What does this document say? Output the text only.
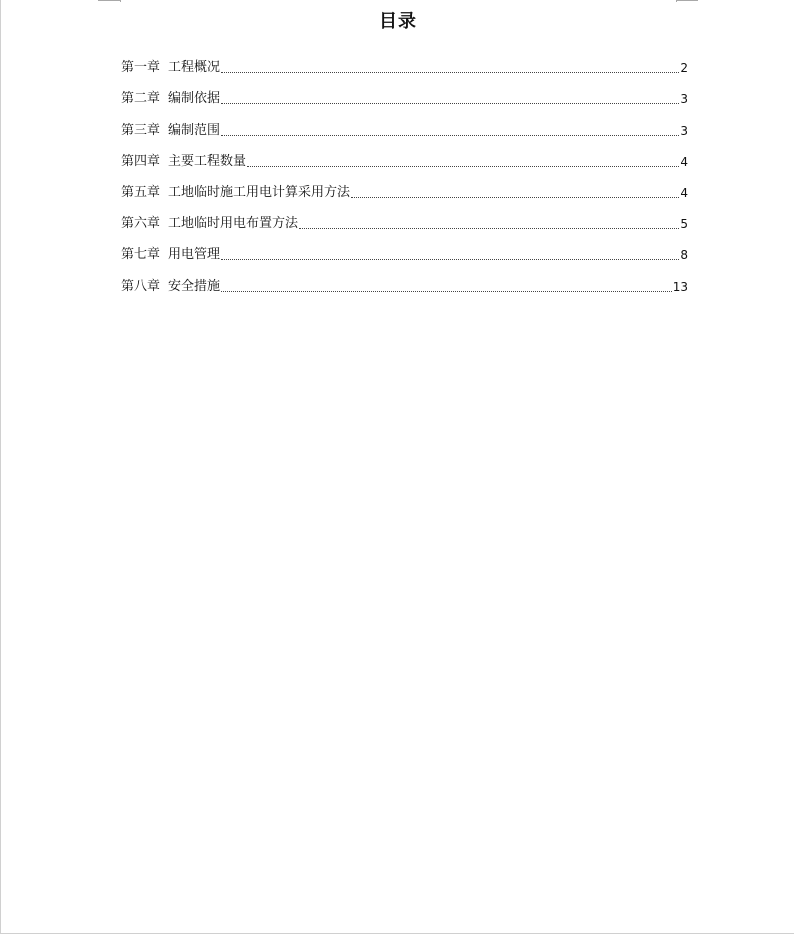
目录
第一章 工程概况	2
第二章 编制依据	3
第三章 编制范围	3
第四章 主要工程数量	4
第五章 工地临时施工用电计算采用方法	4
第六章 工地临时用电布置方法	5
第七章 用电管理	8
第八章 安全措施	13
